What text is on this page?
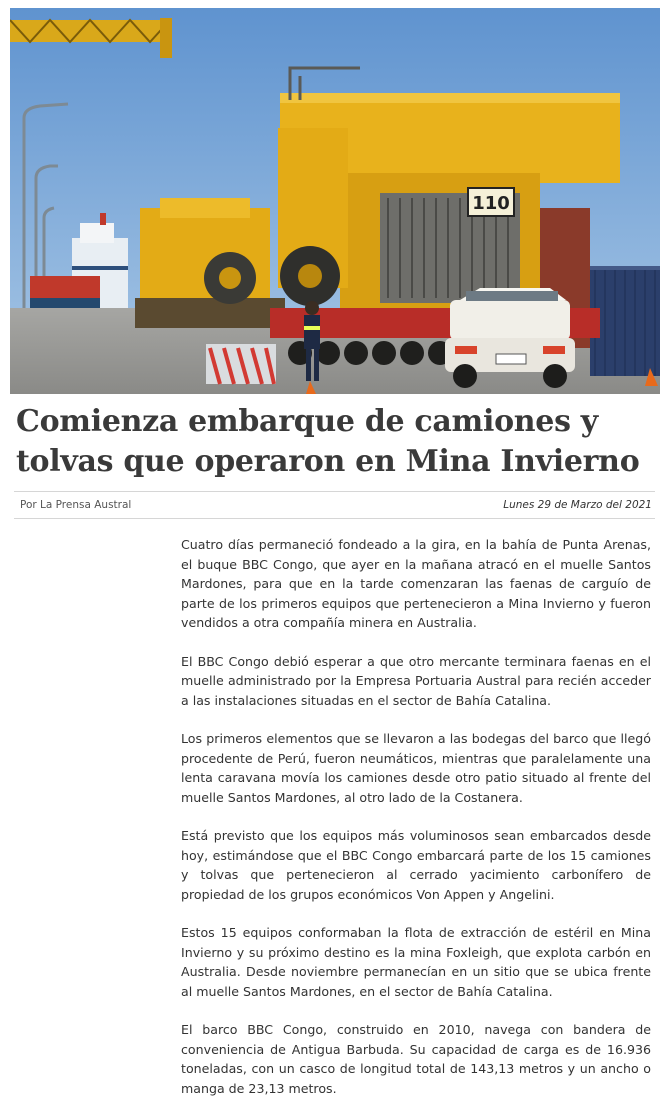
110
Comienza embarque de camiones y tolvas que operaron en Mina Invierno
Por La Prensa Austral	Lunes 29 de Marzo del 2021

Cuatro días permaneció fondeado a la gira, en la bahía de Punta Arenas, el buque BBC Congo, que ayer en la mañana atracó en el muelle Santos Mardones, para que en la tarde comenzaran las faenas de carguío de parte de los primeros equipos que pertenecieron a Mina Invierno y fueron vendidos a otra compañía minera en Australia.

El BBC Congo debió esperar a que otro mercante terminara faenas en el muelle administrado por la Empresa Portuaria Austral para recién acceder a las instalaciones situadas en el sector de Bahía Catalina.

Los primeros elementos que se llevaron a las bodegas del barco que llegó procedente de Perú, fueron neumáticos, mientras que paralelamente una lenta caravana movía los camiones desde otro patio situado al frente del muelle Santos Mardones, al otro lado de la Costanera.

Está previsto que los equipos más voluminosos sean embarcados desde hoy, estimándose que el BBC Congo embarcará parte de los 15 camiones y tolvas que pertenecieron al cerrado yacimiento carbonífero de propiedad de los grupos económicos Von Appen y Angelini.

Estos 15 equipos conformaban la flota de extracción de estéril en Mina Invierno y su próximo destino es la mina Foxleigh, que explota carbón en Australia. Desde noviembre permanecían en un sitio que se ubica frente al muelle Santos Mardones, en el sector de Bahía Catalina.

El barco BBC Congo, construido en 2010, navega con bandera de conveniencia de Antigua Barbuda. Su capacidad de carga es de 16.936 toneladas, con un casco de longitud total de 143,13 metros y un ancho o manga de 23,13 metros.
